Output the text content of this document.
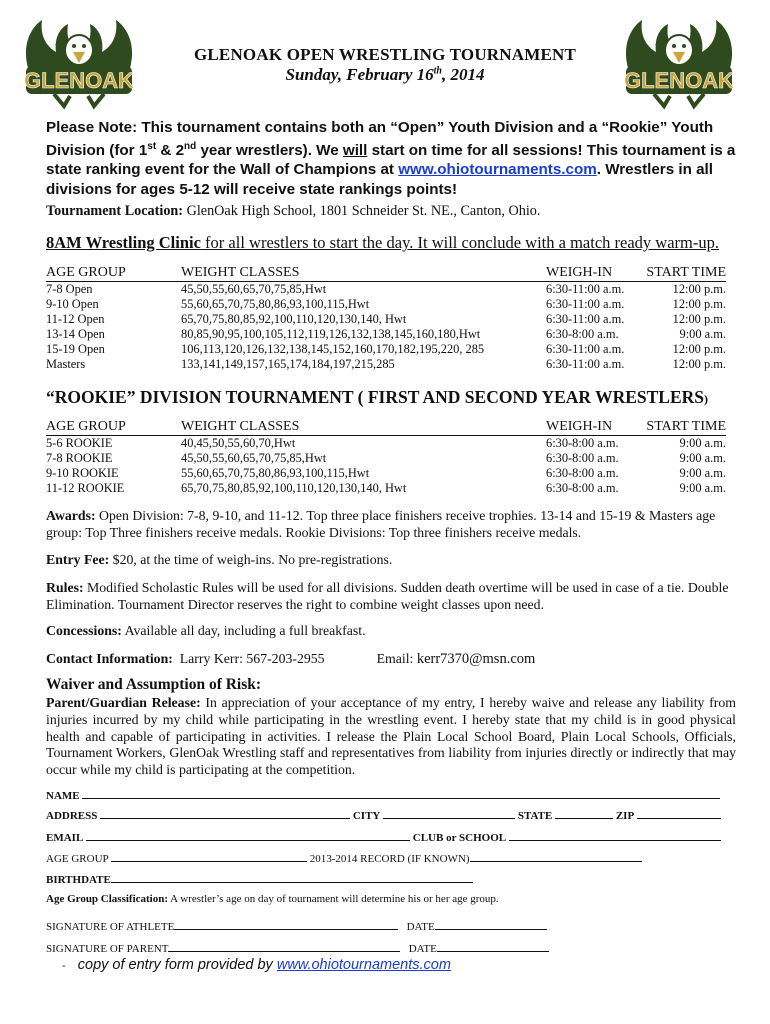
GLENOAK	GLENOAK
GLENOAK OPEN WRESTLING TOURNAMENT
Sunday, February 16th, 2014
Please Note: This tournament contains both an “Open” Youth Division and a “Rookie” Youth Division (for 1st & 2nd year wrestlers). We will start on time for all sessions! This tournament is a state ranking event for the Wall of Champions at www.ohiotournaments.com. Wrestlers in all divisions for ages 5-12 will receive state rankings points!
Tournament Location: GlenOak High School, 1801 Schneider St. NE., Canton, Ohio.
8AM Wrestling Clinic for all wrestlers to start the day. It will conclude with a match ready warm-up.
AGE GROUP	WEIGHT CLASSES	WEIGH-IN	START TIME
7-8 Open	45,50,55,60,65,70,75,85,Hwt	6:30-11:00 a.m.	12:00 p.m.
9-10 Open	55,60,65,70,75,80,86,93,100,115,Hwt	6:30-11:00 a.m.	12:00 p.m.
11-12 Open	65,70,75,80,85,92,100,110,120,130,140, Hwt	6:30-11:00 a.m.	12:00 p.m.
13-14 Open	80,85,90,95,100,105,112,119,126,132,138,145,160,180,Hwt	6:30-8:00 a.m.	9:00 a.m.
15-19 Open	106,113,120,126,132,138,145,152,160,170,182,195,220, 285	6:30-11:00 a.m.	12:00 p.m.
Masters	133,141,149,157,165,174,184,197,215,285	6:30-11:00 a.m.	12:00 p.m.
“ROOKIE” DIVISION TOURNAMENT ( FIRST AND SECOND YEAR WRESTLERS)
AGE GROUP	WEIGHT CLASSES	WEIGH-IN	START TIME
5-6 ROOKIE	40,45,50,55,60,70,Hwt	6:30-8:00 a.m.	9:00 a.m.
7-8 ROOKIE	45,50,55,60,65,70,75,85,Hwt	6:30-8:00 a.m.	9:00 a.m.
9-10 ROOKIE	55,60,65,70,75,80,86,93,100,115,Hwt	6:30-8:00 a.m.	9:00 a.m.
11-12 ROOKIE	65,70,75,80,85,92,100,110,120,130,140, Hwt	6:30-8:00 a.m.	9:00 a.m.
Awards: Open Division: 7-8, 9-10, and 11-12. Top three place finishers receive trophies. 13-14 and 15-19 & Masters age group: Top Three finishers receive medals. Rookie Divisions: Top three finishers receive medals.
Entry Fee: $20, at the time of weigh-ins. No pre-registrations.
Rules: Modified Scholastic Rules will be used for all divisions. Sudden death overtime will be used in case of a tie. Double Elimination. Tournament Director reserves the right to combine weight classes upon need.
Concessions: Available all day, including a full breakfast.
Contact Information: Larry Kerr: 567-203-2955	Email: kerr7370@msn.com
Waiver and Assumption of Risk:
Parent/Guardian Release: In appreciation of your acceptance of my entry, I hereby waive and release any liability from injuries incurred by my child while participating in the wrestling event. I hereby state that my child is in good physical health and capable of participating in activities. I release the Plain Local School Board, Plain Local Schools, Officials, Tournament Workers, GlenOak Wrestling staff and representatives from liability from injuries directly or indirectly that may occur while my child is participating at the competition.
NAME
ADDRESS	CITY	STATE	ZIP
EMAIL	CLUB or SCHOOL
AGE GROUP	2013-2014 RECORD (IF KNOWN)
BIRTHDATE
Age Group Classification: A wrestler’s age on day of tournament will determine his or her age group.
SIGNATURE OF ATHLETE	DATE
SIGNATURE OF PARENT	DATE
- copy of entry form provided by www.ohiotournaments.com
